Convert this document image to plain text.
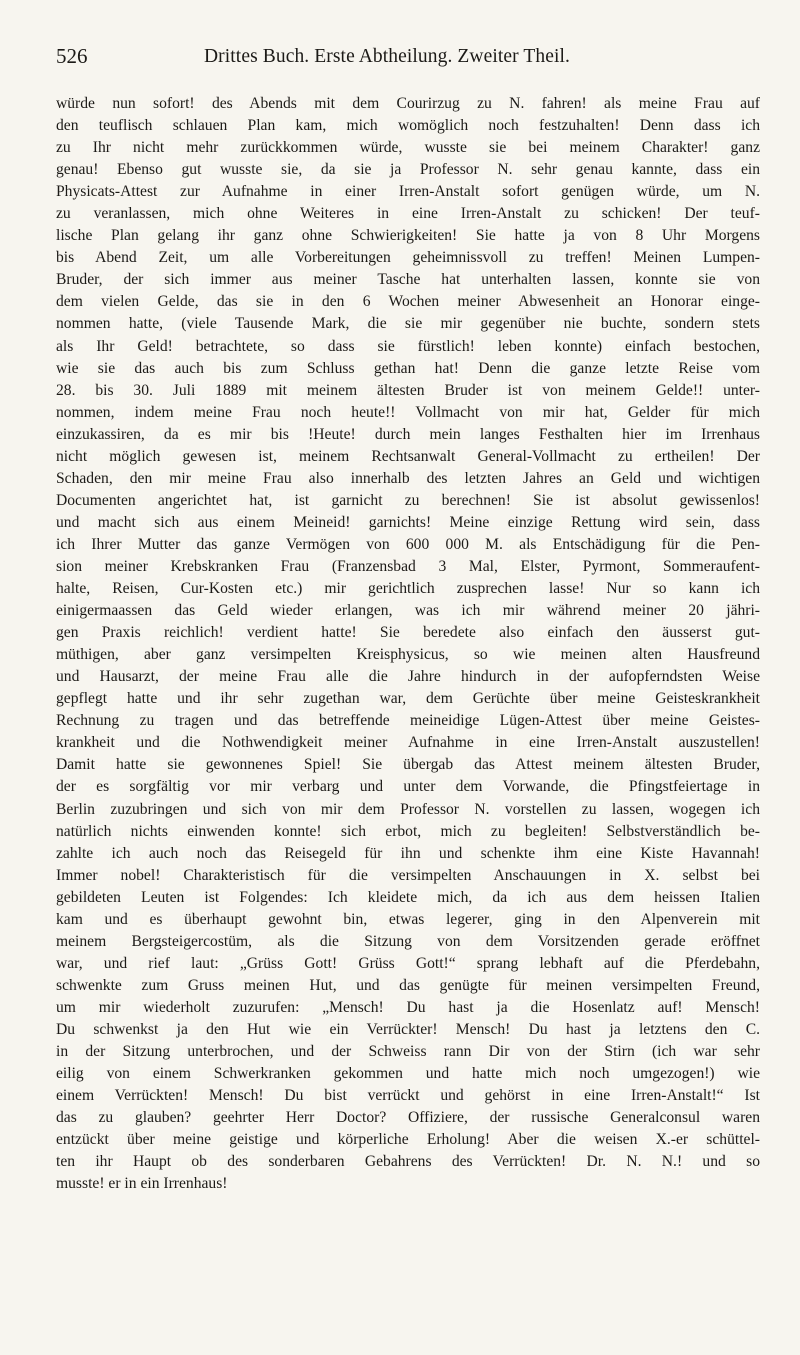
526	Drittes Buch. Erste Abtheilung. Zweiter Theil.
würde nun sofort! des Abends mit dem Courirzug zu N. fahren! als meine Frau auf
den teuflisch schlauen Plan kam, mich womöglich noch festzuhalten! Denn dass ich
zu Ihr nicht mehr zurückkommen würde, wusste sie bei meinem Charakter! ganz
genau! Ebenso gut wusste sie, da sie ja Professor N. sehr genau kannte, dass ein
Physicats-Attest zur Aufnahme in einer Irren-Anstalt sofort genügen würde, um N.
zu veranlassen, mich ohne Weiteres in eine Irren-Anstalt zu schicken! Der teuf-
lische Plan gelang ihr ganz ohne Schwierigkeiten! Sie hatte ja von 8 Uhr Morgens
bis Abend Zeit, um alle Vorbereitungen geheimnissvoll zu treffen! Meinen Lumpen-
Bruder, der sich immer aus meiner Tasche hat unterhalten lassen, konnte sie von
dem vielen Gelde, das sie in den 6 Wochen meiner Abwesenheit an Honorar einge-
nommen hatte, (viele Tausende Mark, die sie mir gegenüber nie buchte, sondern stets
als Ihr Geld! betrachtete, so dass sie fürstlich! leben konnte) einfach bestochen,
wie sie das auch bis zum Schluss gethan hat! Denn die ganze letzte Reise vom
28. bis 30. Juli 1889 mit meinem ältesten Bruder ist von meinem Gelde!! unter-
nommen, indem meine Frau noch heute!! Vollmacht von mir hat, Gelder für mich
einzukassiren, da es mir bis !Heute! durch mein langes Festhalten hier im Irrenhaus
nicht möglich gewesen ist, meinem Rechtsanwalt General-Vollmacht zu ertheilen! Der
Schaden, den mir meine Frau also innerhalb des letzten Jahres an Geld und wichtigen
Documenten angerichtet hat, ist garnicht zu berechnen! Sie ist absolut gewissenlos!
und macht sich aus einem Meineid! garnichts! Meine einzige Rettung wird sein, dass
ich Ihrer Mutter das ganze Vermögen von 600 000 M. als Entschädigung für die Pen-
sion meiner Krebskranken Frau (Franzensbad 3 Mal, Elster, Pyrmont, Sommeraufent-
halte, Reisen, Cur-Kosten etc.) mir gerichtlich zusprechen lasse! Nur so kann ich
einigermaassen das Geld wieder erlangen, was ich mir während meiner 20 jähri-
gen Praxis reichlich! verdient hatte! Sie beredete also einfach den äusserst gut-
müthigen, aber ganz versimpelten Kreisphysicus, so wie meinen alten Hausfreund
und Hausarzt, der meine Frau alle die Jahre hindurch in der aufopferndsten Weise
gepflegt hatte und ihr sehr zugethan war, dem Gerüchte über meine Geisteskrankheit
Rechnung zu tragen und das betreffende meineidige Lügen-Attest über meine Geistes-
krankheit und die Nothwendigkeit meiner Aufnahme in eine Irren-Anstalt auszustellen!
Damit hatte sie gewonnenes Spiel! Sie übergab das Attest meinem ältesten Bruder,
der es sorgfältig vor mir verbarg und unter dem Vorwande, die Pfingstfeiertage in
Berlin zuzubringen und sich von mir dem Professor N. vorstellen zu lassen, wogegen ich
natürlich nichts einwenden konnte! sich erbot, mich zu begleiten! Selbstverständlich be-
zahlte ich auch noch das Reisegeld für ihn und schenkte ihm eine Kiste Havannah!
Immer nobel! Charakteristisch für die versimpelten Anschauungen in X. selbst bei
gebildeten Leuten ist Folgendes: Ich kleidete mich, da ich aus dem heissen Italien
kam und es überhaupt gewohnt bin, etwas legerer, ging in den Alpenverein mit
meinem Bergsteigercostüm, als die Sitzung von dem Vorsitzenden gerade eröffnet
war, und rief laut: „Grüss Gott! Grüss Gott!“ sprang lebhaft auf die Pferdebahn,
schwenkte zum Gruss meinen Hut, und das genügte für meinen versimpelten Freund,
um mir wiederholt zuzurufen: „Mensch! Du hast ja die Hosenlatz auf! Mensch!
Du schwenkst ja den Hut wie ein Verrückter! Mensch! Du hast ja letztens den C.
in der Sitzung unterbrochen, und der Schweiss rann Dir von der Stirn (ich war sehr
eilig von einem Schwerkranken gekommen und hatte mich noch umgezogen!) wie
einem Verrückten! Mensch! Du bist verrückt und gehörst in eine Irren-Anstalt!“ Ist
das zu glauben? geehrter Herr Doctor? Offiziere, der russische Generalconsul waren
entzückt über meine geistige und körperliche Erholung! Aber die weisen X.-er schüttel-
ten ihr Haupt ob des sonderbaren Gebahrens des Verrückten! Dr. N. N.! und so
musste! er in ein Irrenhaus!
